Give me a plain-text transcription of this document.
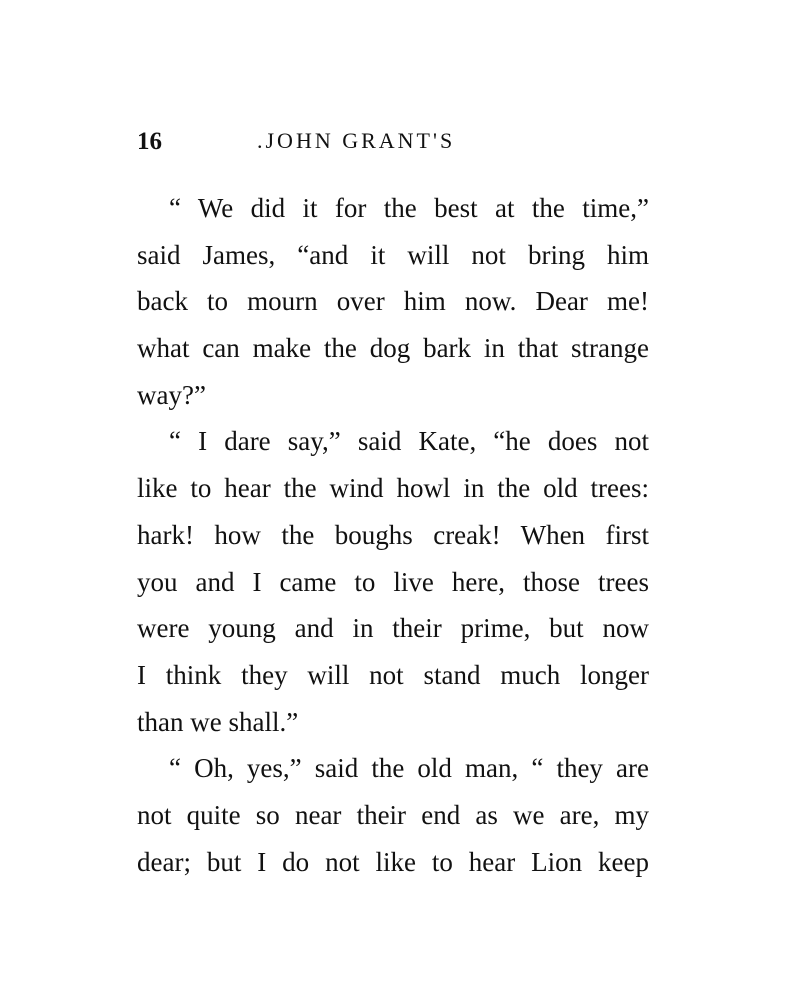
16	.JOHN GRANT'S
“ We did it for the best at the time,”
said James, “and it will not bring him
back to mourn over him now. Dear me!
what can make the dog bark in that strange
way?”
“ I dare say,” said Kate, “he does not
like to hear the wind howl in the old trees:
hark! how the boughs creak! When first
you and I came to live here, those trees
were young and in their prime, but now
I think they will not stand much longer
than we shall.”
“ Oh, yes,” said the old man, “ they are
not quite so near their end as we are, my
dear; but I do not like to hear Lion keep
